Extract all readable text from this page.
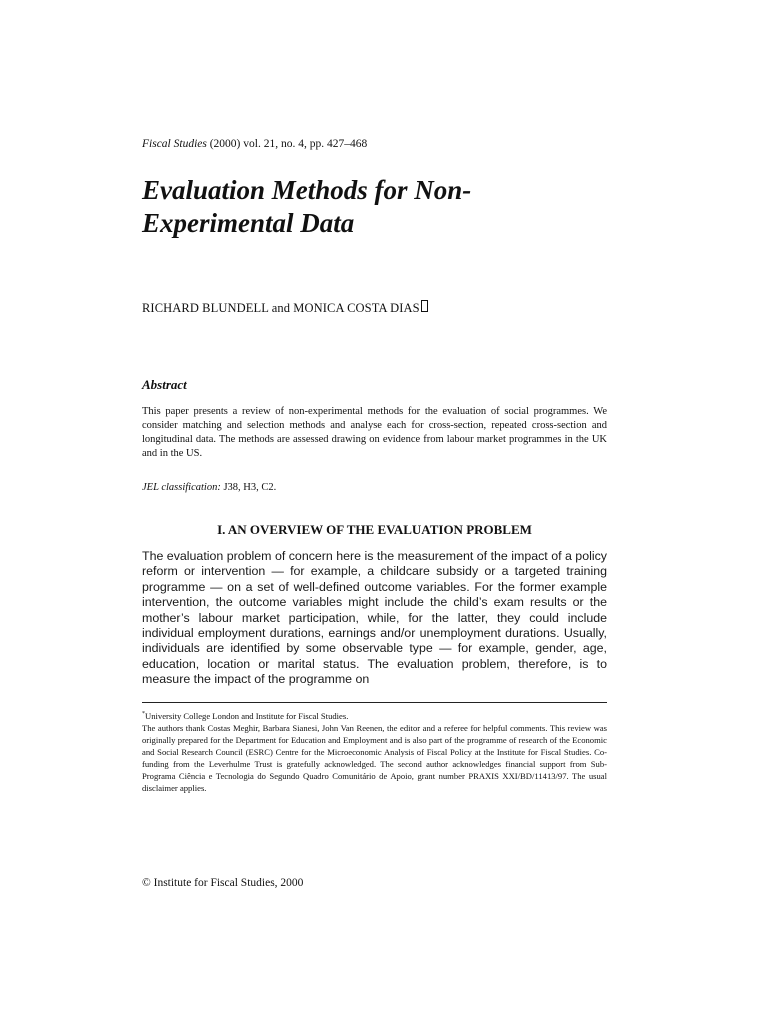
Fiscal Studies (2000) vol. 21, no. 4, pp. 427–468
Evaluation Methods for Non-Experimental Data
RICHARD BLUNDELL and MONICA COSTA DIAS
Abstract
This paper presents a review of non-experimental methods for the evaluation of social programmes. We consider matching and selection methods and analyse each for cross-section, repeated cross-section and longitudinal data. The methods are assessed drawing on evidence from labour market programmes in the UK and in the US.
JEL classification: J38, H3, C2.
I. AN OVERVIEW OF THE EVALUATION PROBLEM
The evaluation problem of concern here is the measurement of the impact of a policy reform or intervention — for example, a childcare subsidy or a targeted training programme — on a set of well-defined outcome variables. For the former example intervention, the outcome variables might include the child’s exam results or the mother’s labour market participation, while, for the latter, they could include individual employment durations, earnings and/or unemployment durations. Usually, individuals are identified by some observable type — for example, gender, age, education, location or marital status. The evaluation problem, therefore, is to measure the impact of the programme on
*University College London and Institute for Fiscal Studies.
The authors thank Costas Meghir, Barbara Sianesi, John Van Reenen, the editor and a referee for helpful comments. This review was originally prepared for the Department for Education and Employment and is also part of the programme of research of the Economic and Social Research Council (ESRC) Centre for the Microeconomic Analysis of Fiscal Policy at the Institute for Fiscal Studies. Co-funding from the Leverhulme Trust is gratefully acknowledged. The second author acknowledges financial support from Sub-Programa Ciência e Tecnologia do Segundo Quadro Comunitário de Apoio, grant number PRAXIS XXI/BD/11413/97. The usual disclaimer applies.
© Institute for Fiscal Studies, 2000
